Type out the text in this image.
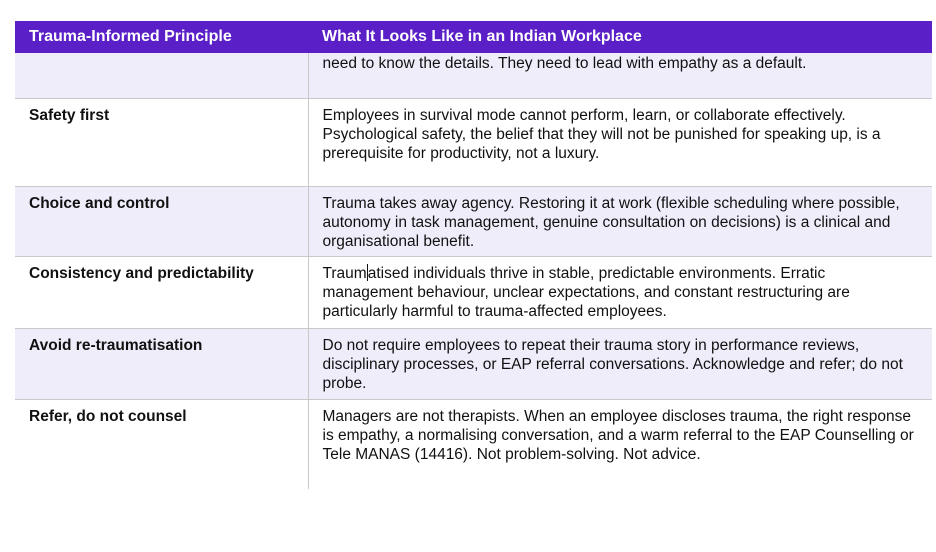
Trauma-Informed Principle	What It Looks Like in an Indian Workplace
	need to know the details. They need to lead with empathy as a default.
Safety first	Employees in survival mode cannot perform, learn, or collaborate effectively. Psychological safety, the belief that they will not be punished for speaking up, is a prerequisite for productivity, not a luxury.
Choice and control	Trauma takes away agency. Restoring it at work (flexible scheduling where possible, autonomy in task management, genuine consultation on decisions) is a clinical and organisational benefit.
Consistency and predictability	Traumatised individuals thrive in stable, predictable environments. Erratic management behaviour, unclear expectations, and constant restructuring are particularly harmful to trauma-affected employees.
Avoid re-traumatisation	Do not require employees to repeat their trauma story in performance reviews, disciplinary processes, or EAP referral conversations. Acknowledge and refer; do not probe.
Refer, do not counsel	Managers are not therapists. When an employee discloses trauma, the right response is empathy, a normalising conversation, and a warm referral to the EAP Counselling or Tele MANAS (14416). Not problem-solving. Not advice.
